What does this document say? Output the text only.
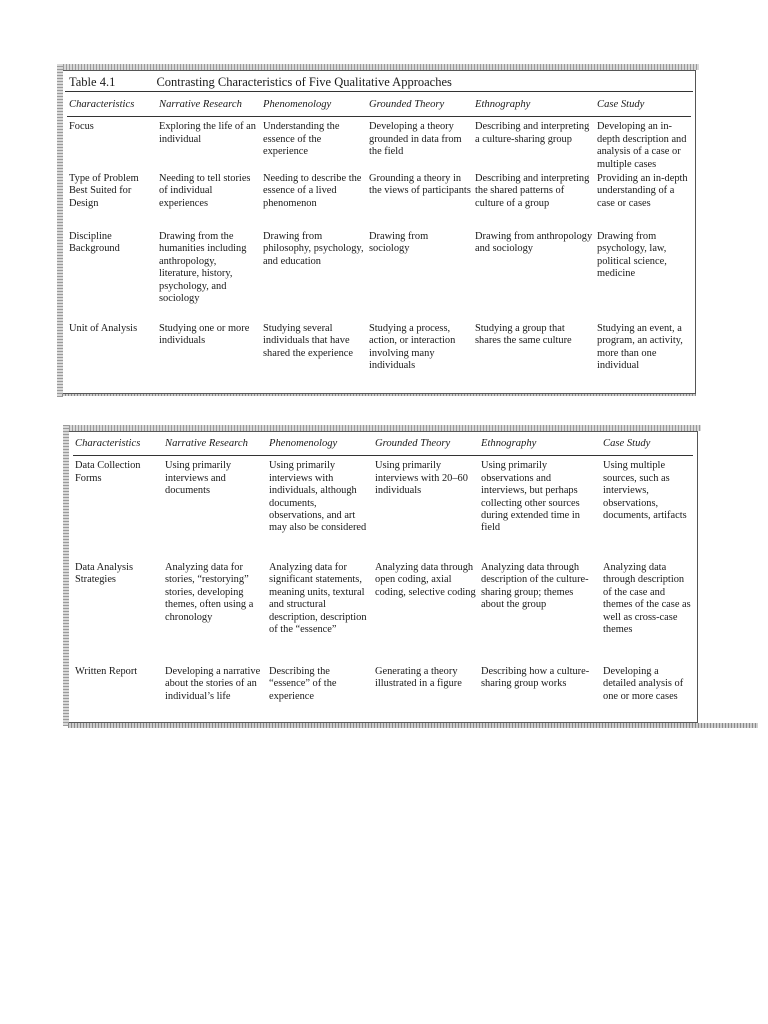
Table 4.1	Contrasting Characteristics of Five Qualitative Approaches
Characteristics	Narrative Research	Phenomenology	Grounded Theory	Ethnography	Case Study
Focus	Exploring the life of an individual	Understanding the essence of the experience	Developing a theory grounded in data from the field	Describing and interpreting a culture-sharing group	Developing an in-depth description and analysis of a case or multiple cases
Type of Problem Best Suited for Design	Needing to tell stories of individual experiences	Needing to describe the essence of a lived phenomenon	Grounding a theory in the views of participants	Describing and interpreting the shared patterns of culture of a group	Providing an in-depth understanding of a case or cases
Discipline Background	Drawing from the humanities including anthropology, literature, history, psychology, and sociology	Drawing from philosophy, psychology, and education	Drawing from sociology	Drawing from anthropology and sociology	Drawing from psychology, law, political science, medicine
Unit of Analysis	Studying one or more individuals	Studying several individuals that have shared the experience	Studying a process, action, or interaction involving many individuals	Studying a group that shares the same culture	Studying an event, a program, an activity, more than one individual
Characteristics	Narrative Research	Phenomenology	Grounded Theory	Ethnography	Case Study
Data Collection Forms	Using primarily interviews and documents	Using primarily interviews with individuals, although documents, observations, and art may also be considered	Using primarily interviews with 20–60 individuals	Using primarily observations and interviews, but perhaps collecting other sources during extended time in field	Using multiple sources, such as interviews, observations, documents, artifacts
Data Analysis Strategies	Analyzing data for stories, “restorying” stories, developing themes, often using a chronology	Analyzing data for significant statements, meaning units, textural and structural description, description of the “essence”	Analyzing data through open coding, axial coding, selective coding	Analyzing data through description of the culture-sharing group; themes about the group	Analyzing data through description of the case and themes of the case as well as cross-case themes
Written Report	Developing a narrative about the stories of an individual’s life	Describing the “essence” of the experience	Generating a theory illustrated in a figure	Describing how a culture-sharing group works	Developing a detailed analysis of one or more cases
